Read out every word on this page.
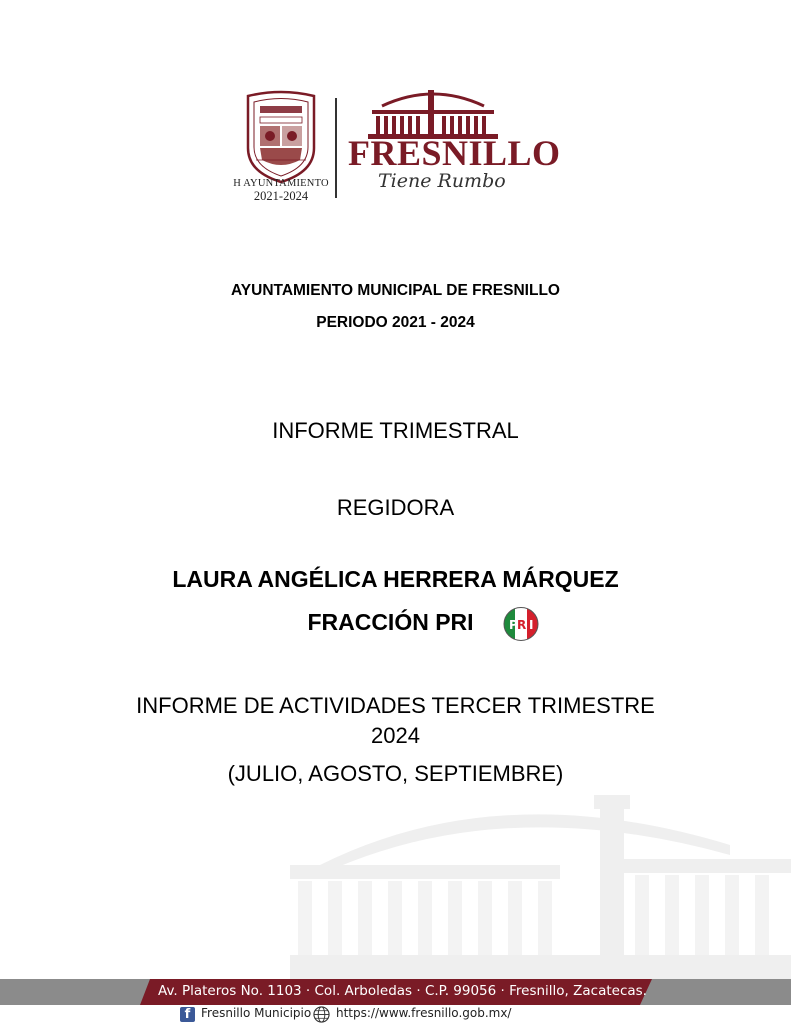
H AYUNTAMIENTO
2021-2024
FRESNILLO
Tiene Rumbo
AYUNTAMIENTO MUNICIPAL DE FRESNILLO
PERIODO 2021 - 2024
INFORME TRIMESTRAL
REGIDORA
LAURA ANGÉLICA HERRERA MÁRQUEZ
FRACCIÓN PRI	P R I
INFORME DE ACTIVIDADES TERCER TRIMESTRE
2024
(JULIO, AGOSTO, SEPTIEMBRE)
Av. Plateros No. 1103 · Col. Arboledas · C.P. 99056 · Fresnillo, Zacatecas.
f Fresnillo Municipio https://www.fresnillo.gob.mx/
